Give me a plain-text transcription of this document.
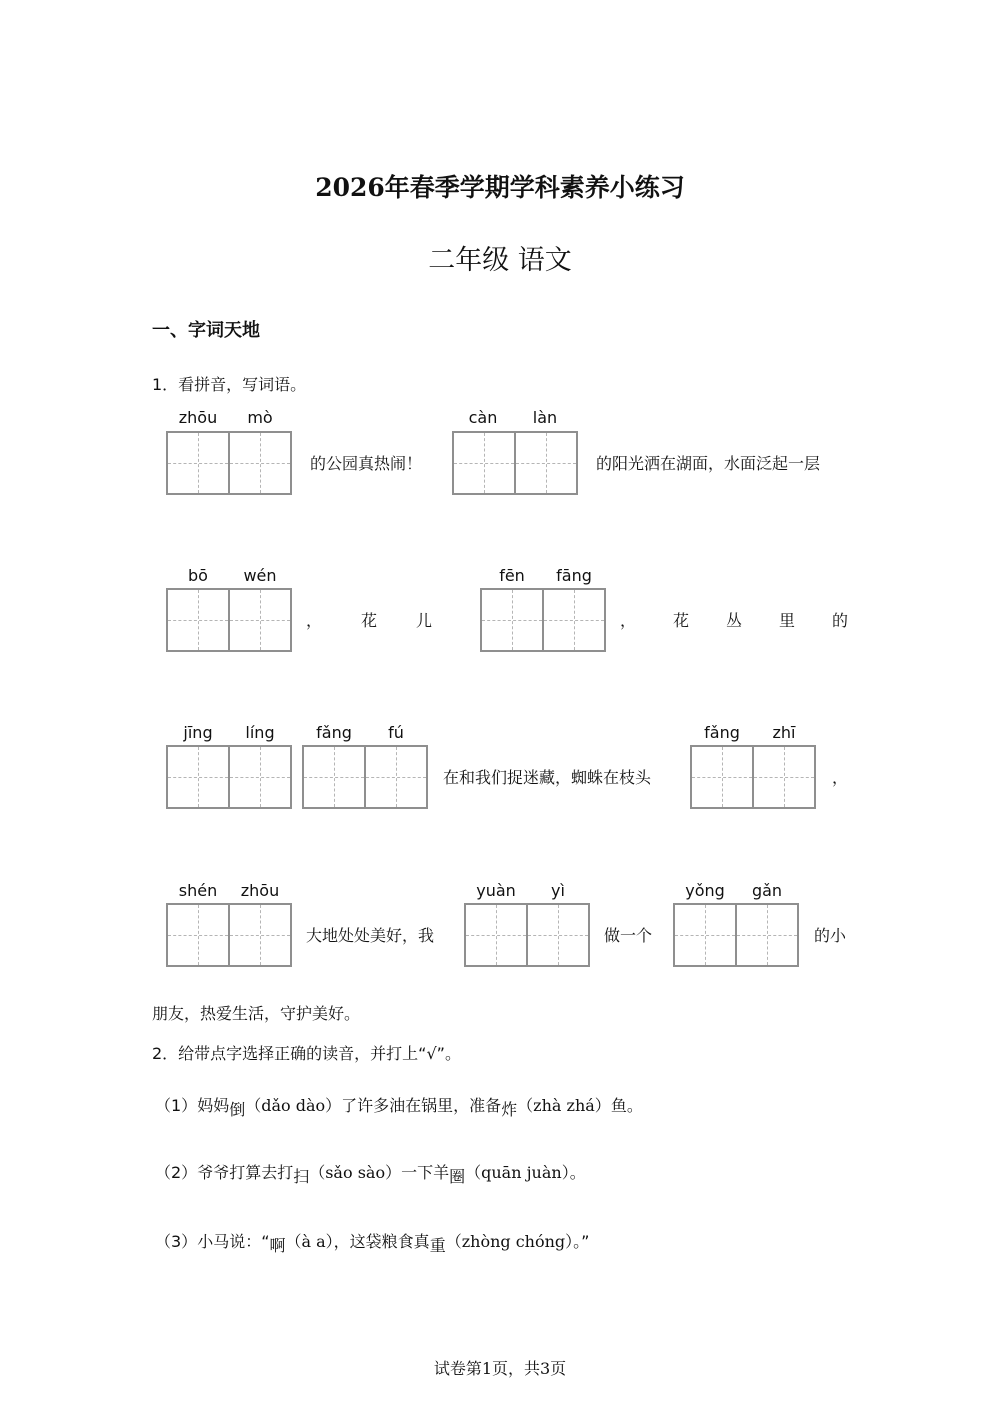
2026年春季学期学科素养小练习
二年级 语文
一、字词天地
1．看拼音，写词语。
zhōu	mò
的公园真热闹！
càn	làn
的阳光洒在湖面，水面泛起一层
bō	wén
， 花 儿
fēn	fāng
， 花 丛 里 的
jīng	líng	fǎng	fú
在和我们捉迷藏，蜘蛛在枝头
fǎng	zhī
，
shén	zhōu
大地处处美好，我
yuàn	yì
做一个
yǒng	gǎn
的小
朋友，热爱生活，守护美好。
2．给带点字选择正确的读音，并打上“√”。
（1）妈妈倒（dǎo dào）了许多油在锅里，准备炸（zhà zhá）鱼。
（2）爷爷打算去打扫（sǎo sào）一下羊圈（quān juàn）。
（3）小马说：“啊（à a），这袋粮食真重（zhòng chóng）。”
试卷第1页，共3页
